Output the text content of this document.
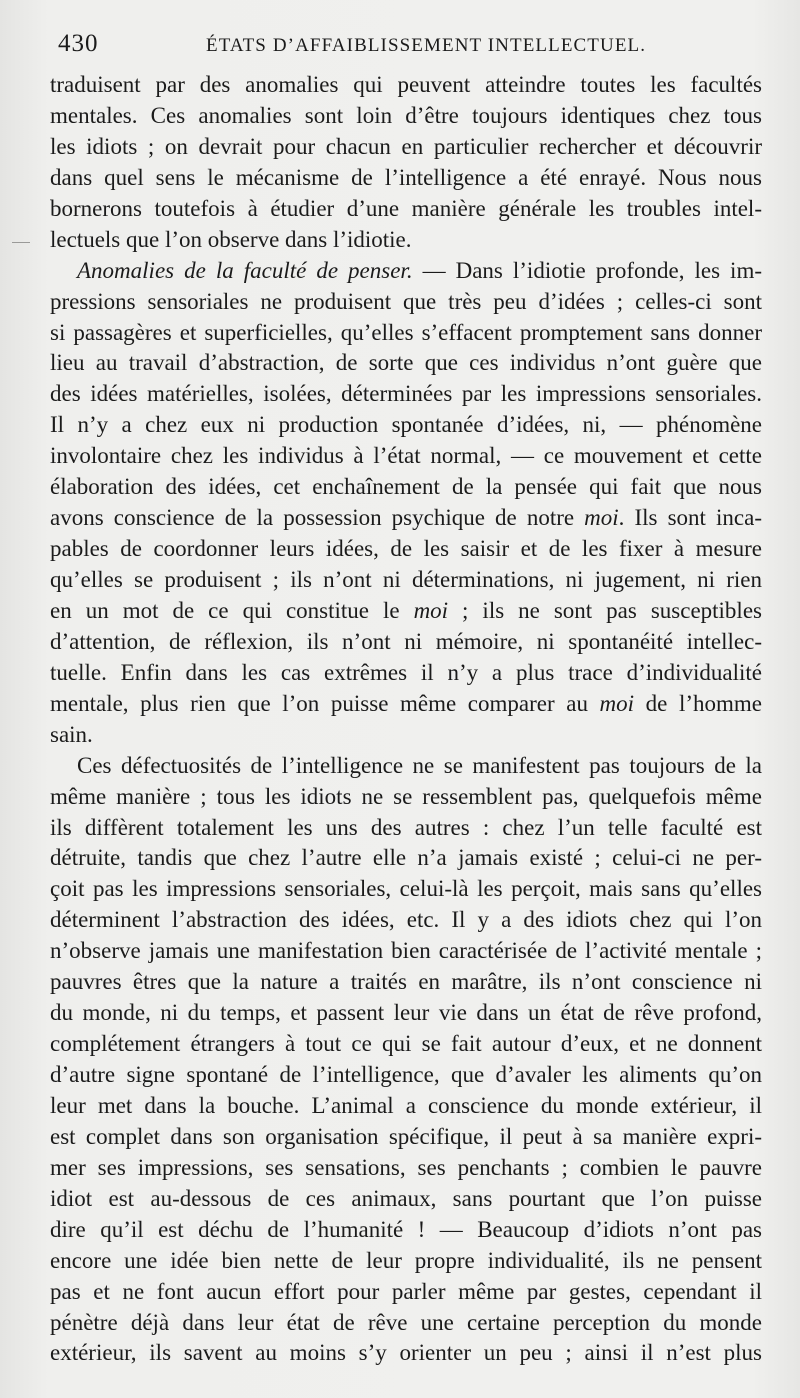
430	ÉTATS D’AFFAIBLISSEMENT INTELLECTUEL.
traduisent par des anomalies qui peuvent atteindre toutes les facultés
mentales. Ces anomalies sont loin d’être toujours identiques chez tous
les idiots ; on devrait pour chacun en particulier rechercher et découvrir
dans quel sens le mécanisme de l’intelligence a été enrayé. Nous nous
bornerons toutefois à étudier d’une manière générale les troubles intel-
lectuels que l’on observe dans l’idiotie.
Anomalies de la faculté de penser. — Dans l’idiotie profonde, les im-
pressions sensoriales ne produisent que très peu d’idées ; celles-ci sont
si passagères et superficielles, qu’elles s’effacent promptement sans donner
lieu au travail d’abstraction, de sorte que ces individus n’ont guère que
des idées matérielles, isolées, déterminées par les impressions sensoriales.
Il n’y a chez eux ni production spontanée d’idées, ni, — phénomène
involontaire chez les individus à l’état normal, — ce mouvement et cette
élaboration des idées, cet enchaînement de la pensée qui fait que nous
avons conscience de la possession psychique de notre moi. Ils sont inca-
pables de coordonner leurs idées, de les saisir et de les fixer à mesure
qu’elles se produisent ; ils n’ont ni déterminations, ni jugement, ni rien
en un mot de ce qui constitue le moi ; ils ne sont pas susceptibles
d’attention, de réflexion, ils n’ont ni mémoire, ni spontanéité intellec-
tuelle. Enfin dans les cas extrêmes il n’y a plus trace d’individualité
mentale, plus rien que l’on puisse même comparer au moi de l’homme
sain.
Ces défectuosités de l’intelligence ne se manifestent pas toujours de la
même manière ; tous les idiots ne se ressemblent pas, quelquefois même
ils diffèrent totalement les uns des autres : chez l’un telle faculté est
détruite, tandis que chez l’autre elle n’a jamais existé ; celui-ci ne per-
çoit pas les impressions sensoriales, celui-là les perçoit, mais sans qu’elles
déterminent l’abstraction des idées, etc. Il y a des idiots chez qui l’on
n’observe jamais une manifestation bien caractérisée de l’activité mentale ;
pauvres êtres que la nature a traités en marâtre, ils n’ont conscience ni
du monde, ni du temps, et passent leur vie dans un état de rêve profond,
complétement étrangers à tout ce qui se fait autour d’eux, et ne donnent
d’autre signe spontané de l’intelligence, que d’avaler les aliments qu’on
leur met dans la bouche. L’animal a conscience du monde extérieur, il
est complet dans son organisation spécifique, il peut à sa manière expri-
mer ses impressions, ses sensations, ses penchants ; combien le pauvre
idiot est au-dessous de ces animaux, sans pourtant que l’on puisse
dire qu’il est déchu de l’humanité ! — Beaucoup d’idiots n’ont pas
encore une idée bien nette de leur propre individualité, ils ne pensent
pas et ne font aucun effort pour parler même par gestes, cependant il
pénètre déjà dans leur état de rêve une certaine perception du monde
extérieur, ils savent au moins s’y orienter un peu ; ainsi il n’est plus
